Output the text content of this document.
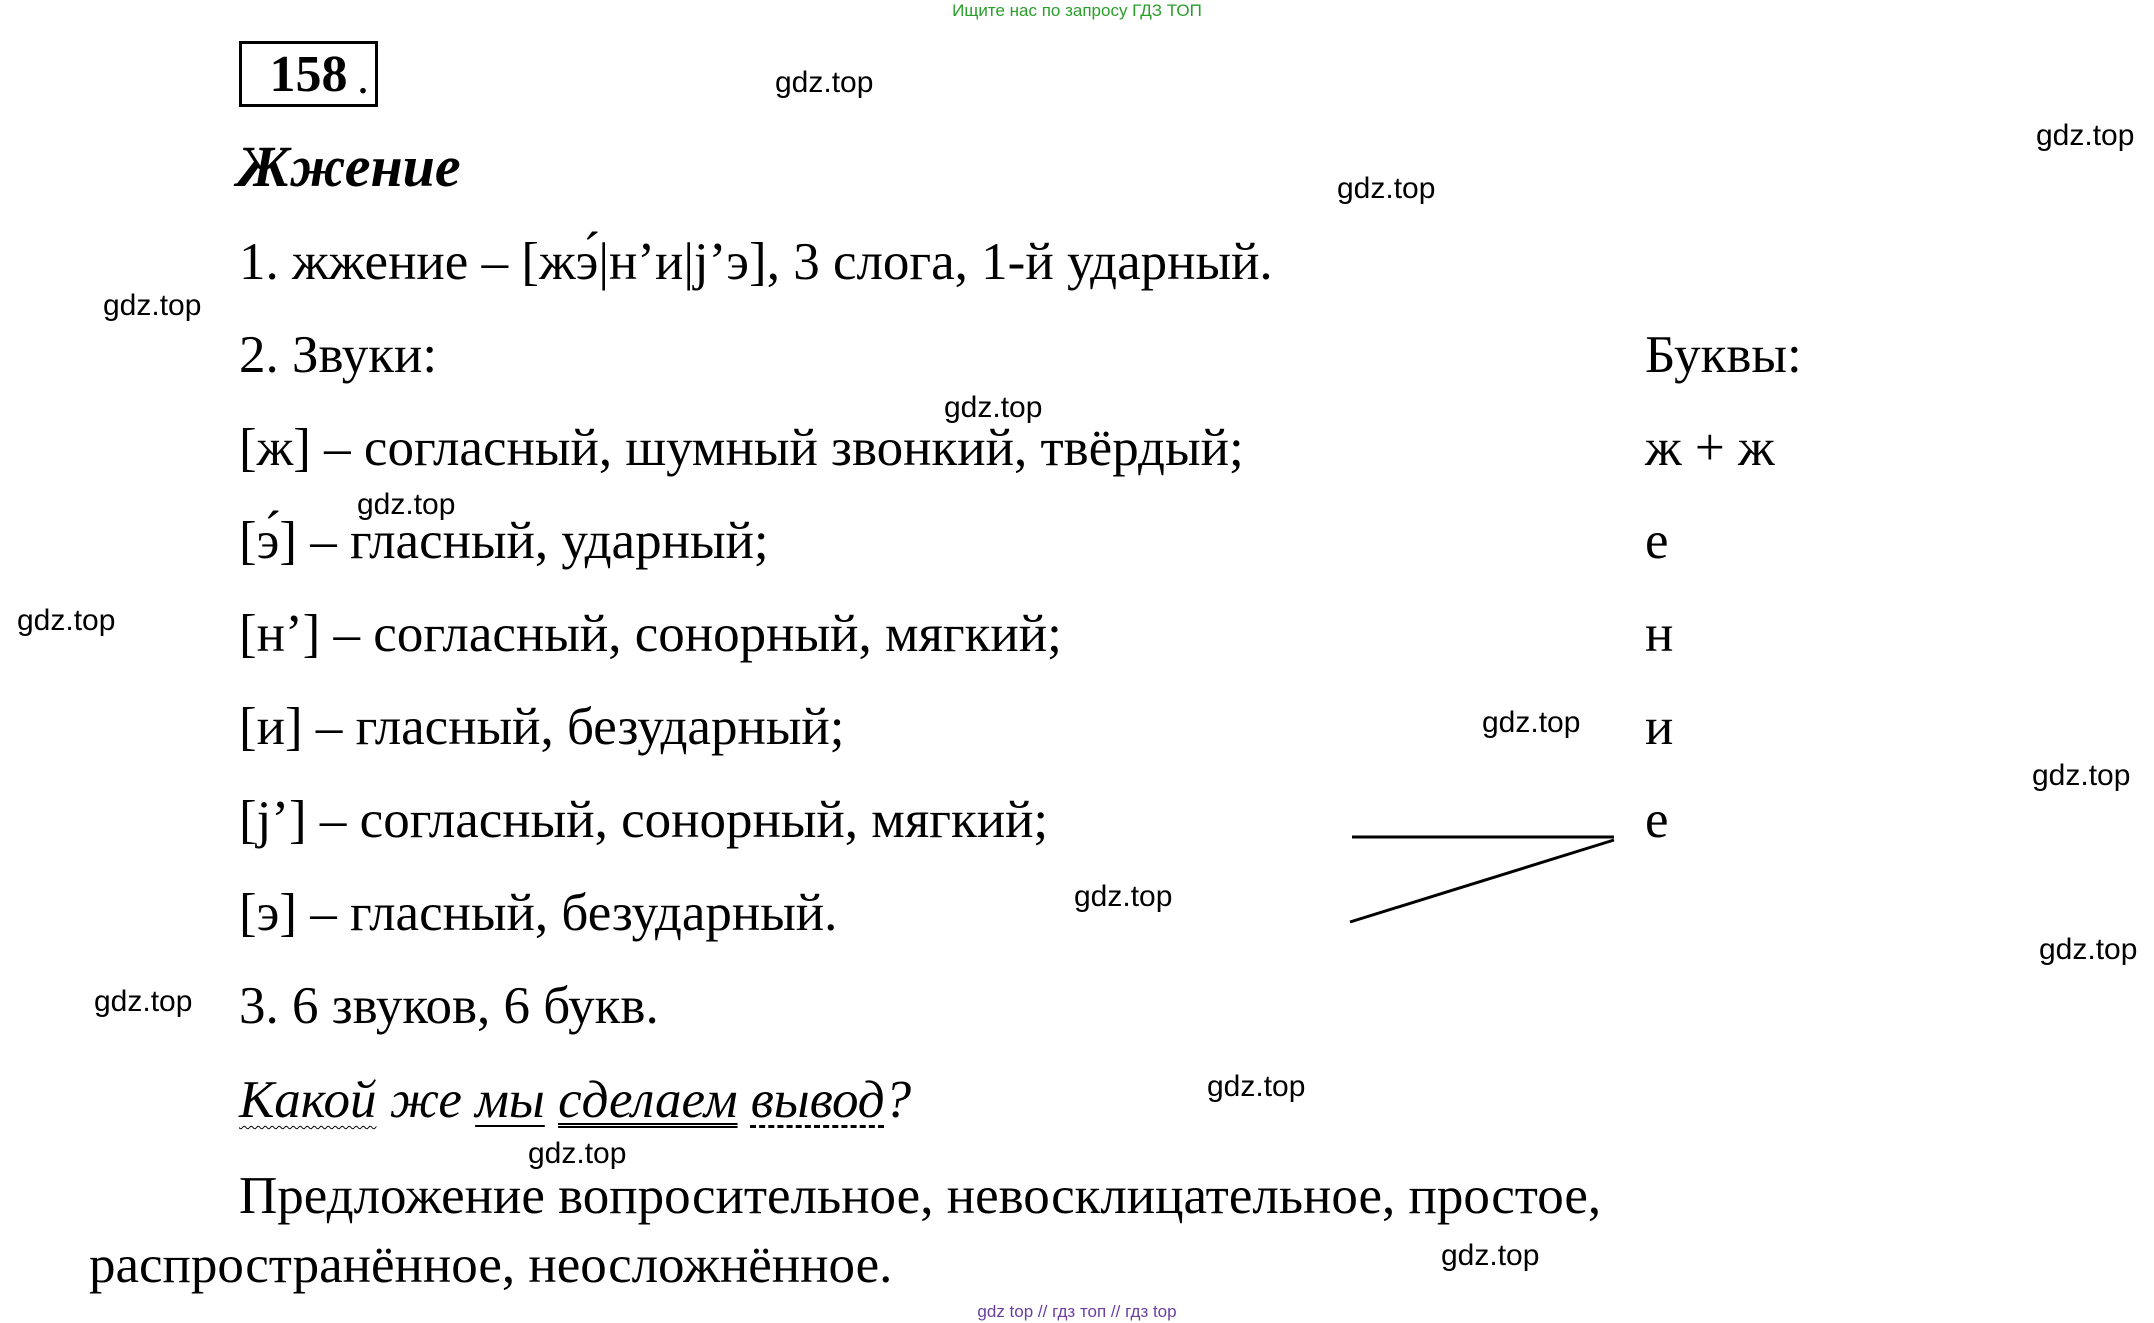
Ищите нас по запросу ГДЗ ТОП
158 .
Жжение
1. жжение – [жэ́|н’и|j’э], 3 слога, 1-й ударный.
2. Звуки:	Буквы:
[ж] – согласный, шумный звонкий, твёрдый;	ж + ж
[э́] – гласный, ударный;	е
[н’] – согласный, сонорный, мягкий;	н
[и] – гласный, безударный;	и
[j’] – согласный, сонорный, мягкий;	е
[э] – гласный, безударный.
3. 6 звуков, 6 букв.
Какой же мы сделаем вывод?
Предложение вопросительное, невосклицательное, простое,
распространённое, неосложнённое.
gdz.top
gdz.top
gdz.top
gdz.top
gdz.top
gdz.top
gdz.top
gdz.top
gdz.top
gdz.top
gdz.top
gdz.top
gdz.top
gdz.top
gdz.top
gdz top // гдз топ // гдз top
